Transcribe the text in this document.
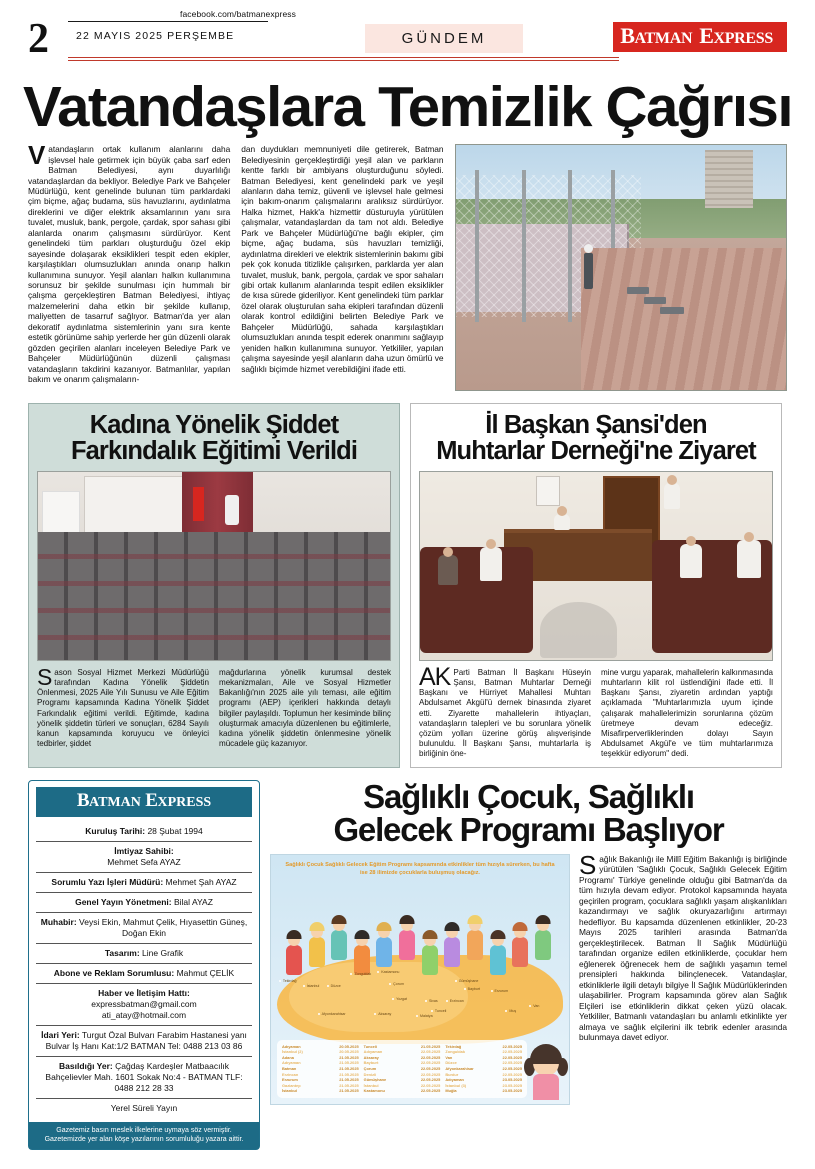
2
facebook.com/batmanexpress
22 MAYIS 2025 PERŞEMBE	GÜNDEM	BATMAN EXPRESS
Vatandaşlara Temizlik Çağrısı

Vatandaşların ortak kullanım alanlarını daha işlevsel hale getirmek için büyük çaba sarf eden Batman Belediyesi, aynı duyarlılığı vatandaşlardan da bekliyor. Belediye Park ve Bahçeler Müdürlüğü, kent genelinde bulunan tüm parklardaki çim biçme, ağaç budama, süs havuzlarını, aydınlatma direklerini ve diğer elektrik aksamlarının yanı sıra tuvalet, musluk, bank, pergole, çardak, spor sahası gibi alanlarda onarım çalışmasını sürdürüyor. Kent genelindeki tüm parkları oluşturduğu özel ekip sayesinde dolaşarak eksiklikleri tespit eden ekipler, karşılaştıkları olumsuzlukları anında onarıp halkın kullanımına sunuyor. Yeşil alanları halkın kullanımına sorunsuz bir şekilde sunulması için hummalı bir çalışma gerçekleştiren Batman Belediyesi, ihtiyaç malzemelerini daha etkin bir şekilde kullanıp, maliyetten de tasarruf sağlıyor. Batman'da yer alan dekoratif aydınlatma sistemlerinin yanı sıra kente estetik görünüme sahip yerlerde her gün düzenli olarak gözden geçirilen alanları inceleyen Belediye Park ve Bahçeler Müdürlüğünün düzenli çalışması vatandaşların takdirini kazanıyor. Batmanlılar, yapılan bakım ve onarım çalışmaların-

dan duydukları memnuniyeti dile getirerek, Batman Belediyesinin gerçekleştirdiği yeşil alan ve parkların kentte farklı bir ambiyans oluşturduğunu söyledi. Batman Belediyesi, kent genelindeki park ve yeşil alanların daha temiz, güvenli ve işlevsel hale gelmesi için bakım-onarım çalışmalarını aralıksız sürdürüyor. Halka hizmet, Hakk'a hizmettir düsturuyla yürütülen çalışmalar, vatandaşlardan da tam not aldı. Belediye Park ve Bahçeler Müdürlüğü'ne bağlı ekipler, çim biçme, ağaç budama, süs havuzları temizliği, aydınlatma direkleri ve elektrik sistemlerinin bakımı gibi pek çok konuda titizlikle çalışırken, parklarda yer alan tuvalet, musluk, bank, pergola, çardak ve spor sahaları gibi ortak kullanım alanlarında tespit edilen eksiklikler de kısa sürede gideriliyor. Kent genelindeki tüm parklar özel olarak oluşturulan saha ekipleri tarafından düzenli olarak kontrol edildiğini belirten Belediye Park ve Bahçeler Müdürlüğü, sahada karşılaştıkları olumsuzlukları anında tespit ederek onarımını sağlayıp yeniden halkın kullanımına sunuyor. Yetkililer, yapılan çalışma sayesinde yeşil alanların daha uzun ömürlü ve sağlıklı biçimde hizmet verebildiğini ifade etti.

Kadına Yönelik Şiddet
Farkındalık Eğitimi Verildi

Sason Sosyal Hizmet Merkezi Müdürlüğü tarafından Kadına Yönelik Şiddetin Önlenmesi, 2025 Aile Yılı Sunusu ve Aile Eğitim Programı kapsamında Kadına Yönelik Şiddet Farkındalık eğitimi verildi. Eğitimde, kadına yönelik şiddetin türleri ve sonuçları, 6284 Sayılı kanun kapsamında koruyucu ve önleyici tedbirler, şiddet

mağdurlarına yönelik kurumsal destek mekanizmaları, Aile ve Sosyal Hizmetler Bakanlığı'nın 2025 aile yılı teması, aile eğitim programı (AEP) içerikleri hakkında detaylı bilgiler paylaşıldı. Toplumun her kesiminde bilinç oluşturmak amacıyla düzenlenen bu eğitimlerle, kadına yönelik şiddetin önlenmesine yönelik mücadele güç kazanıyor.

İl Başkan Şansi'den
Muhtarlar Derneği'ne Ziyaret

AK Parti Batman İl Başkanı Hüseyin Şansı, Batman Muhtarlar Derneği Başkanı ve Hürriyet Mahallesi Muhtarı Abdulsamet Akgül'ü dernek binasında ziyaret etti. Ziyarette mahallelerin ihtiyaçları, vatandaşların talepleri ve bu sorunlara yönelik çözüm yolları üzerine görüş alışverişinde bulunuldu. İl Başkanı Şansı, muhtarlarla iş birliğinin öne-

mine vurgu yaparak, mahallelerin kalkınmasında muhtarların kilit rol üstlendiğini ifade etti. İl Başkanı Şansı, ziyaretin ardından yaptığı açıklamada "Muhtarlarımızla uyum içinde çalışarak mahallelerimizin sorunlarına çözüm üretmeye devam edeceğiz. Misafirperverliklerinden dolayı Sayın Abdulsamet Akgül'e ve tüm muhtarlarımıza teşekkür ediyorum" dedi.

BATMAN EXPRESS
Kuruluş Tarihi: 28 Şubat 1994
İmtiyaz Sahibi:
Mehmet Sefa AYAZ
Sorumlu Yazı İşleri Müdürü: Mehmet Şah AYAZ
Genel Yayın Yönetmeni: Bilal AYAZ
Muhabir: Veysi Ekin, Mahmut Çelik, Hıyasettin Güneş, Doğan Ekin
Tasarım: Line Grafik
Abone ve Reklam Sorumlusu: Mahmut ÇELİK
Haber ve İletişim Hattı:
expressbatman@gmail.com
ati_atay@hotmail.com
İdari Yeri: Turgut Özal Bulvarı Farabim Hastanesi yanı Bulvar İş Hanı Kat:1/2 BATMAN Tel: 0488 213 03 86
Basıldığı Yer: Çağdaş Kardeşler Matbaacılık Bahçelievler Mah. 1601 Sokak No:4 - BATMAN TLF: 0488 212 28 33
Yerel Süreli Yayın
Gazetemiz basın meslek ilkelerine uymaya söz vermiştir.
Gazetemizde yer alan köşe yazılarının sorumluluğu yazara aittir.
Sağlıklı Çocuk, Sağlıklı
Gelecek Programı Başlıyor
Sağlıklı Çocuk Sağlıklı Gelecek Eğitim Programı kapsamında etkinlikler tüm hızıyla sürerken, bu hafta ise 28 ilimizde çocuklarla buluşmuş olacağız.
Tekirdağ
İstanbul
Zonguldak
Düzce
Kastamonu
Çorum
Yozgat
Sivas
Gümüşhane
Bayburt
Erzurum
Erzincan
Tunceli	Muş
Van
Malatya
Aksaray
Afyonkarahisar
Adıyaman	20.05.2025
İstanbul (2)	20.05.2025
Adana	21.05.2025
Adıyaman	21.05.2025
Batman	21.05.2025
Erzincan	21.05.2025
Erzurum	21.05.2025
Gaziantep	21.05.2025
İstanbul	21.05.2025
Tunceli	21.05.2025
Adıyaman	22.05.2025
Aksaray	22.05.2025
Bayburt	22.05.2025
Çorum	22.05.2025
Denizli	22.05.2025
Gümüşhane	22.05.2025
İstanbul	22.05.2025
Kastamonu	22.05.2025
Tekirdağ	22.05.2025
Zonguldak	22.05.2025
Van	22.05.2025
Düzce	22.05.2025
Afyonkarahisar	22.05.2025
Burdur	22.05.2025
Adıyaman	23.05.2025
İstanbul (3)	23.05.2025
Muğla	23.05.2025

Sağlık Bakanlığı ile Millî Eğitim Bakanlığı iş birliğinde yürütülen 'Sağlıklı Çocuk, Sağlıklı Gelecek Eğitim Programı' Türkiye genelinde olduğu gibi Batman'da da tüm hızıyla devam ediyor. Protokol kapsamında hayata geçirilen program, çocuklara sağlıklı yaşam alışkanlıkları kazandırmayı ve sağlık okuryazarlığını artırmayı hedefliyor. Bu kapsamda düzenlenen etkinlikler, 20-23 Mayıs 2025 tarihleri arasında Batman'da gerçekleştirilecek. Batman İl Sağlık Müdürlüğü tarafından organize edilen etkinliklerde, çocuklar hem eğlenerek öğrenecek hem de sağlıklı yaşamın temel prensipleri hakkında bilinçlenecek. Vatandaşlar, etkinliklerle ilgili detaylı bilgiye İl Sağlık Müdürlüklerinden ulaşabilirler. Program kapsamında görev alan Sağlık Elçileri ise etkinliklerin dikkat çeken yüzü olacak. Yetkililer, Batmanlı vatandaşları bu anlamlı etkinlikte yer almaya ve sağlık elçilerini ilk tebrik edenler arasında bulunmaya davet ediyor.
